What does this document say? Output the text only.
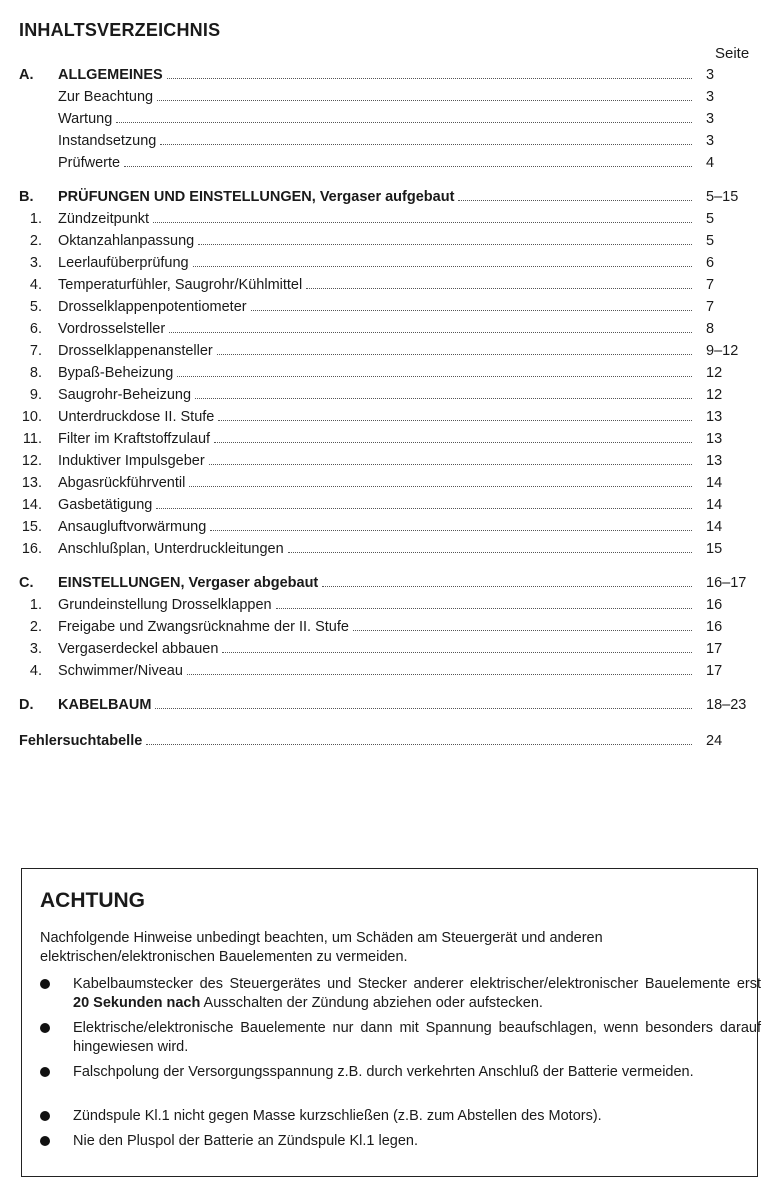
INHALTSVERZEICHNIS
Seite
A. ALLGEMEINES	3
Zur Beachtung	3
Wartung	3
Instandsetzung	3
Prüfwerte	4
B. PRÜFUNGEN UND EINSTELLUNGEN, Vergaser aufgebaut	5–15
1. Zündzeitpunkt	5
2. Oktanzahlanpassung	5
3. Leerlaufüberprüfung	6
4. Temperaturfühler, Saugrohr/Kühlmittel	7
5. Drosselklappenpotentiometer	7
6. Vordrosselsteller	8
7. Drosselklappenansteller	9–12
8. Bypaß-Beheizung	12
9. Saugrohr-Beheizung	12
10. Unterdruckdose II. Stufe	13
11. Filter im Kraftstoffzulauf	13
12. Induktiver Impulsgeber	13
13. Abgasrückführventil	14
14. Gasbetätigung	14
15. Ansaugluftvorwärmung	14
16. Anschlußplan, Unterdruckleitungen	15
C. EINSTELLUNGEN, Vergaser abgebaut	16–17
1. Grundeinstellung Drosselklappen	16
2. Freigabe und Zwangsrücknahme der II. Stufe	16
3. Vergaserdeckel abbauen	17
4. Schwimmer/Niveau	17
D. KABELBAUM	18–23
Fehlersuchtabelle	24
ACHTUNG
Nachfolgende Hinweise unbedingt beachten, um Schäden am Steuergerät und anderen elektrischen/elektronischen Bauelementen zu vermeiden.
Kabelbaumstecker des Steuergerätes und Stecker anderer elektrischer/elektronischer Bauelemente erst 20 Sekunden nach Ausschalten der Zündung abziehen oder aufstecken.
Elektrische/elektronische Bauelemente nur dann mit Spannung beaufschlagen, wenn besonders darauf hingewiesen wird.
Falschpolung der Versorgungsspannung z.B. durch verkehrten Anschluß der Batterie vermeiden.
Zündspule Kl.1 nicht gegen Masse kurzschließen (z.B. zum Abstellen des Motors).
Nie den Pluspol der Batterie an Zündspule Kl.1 legen.
